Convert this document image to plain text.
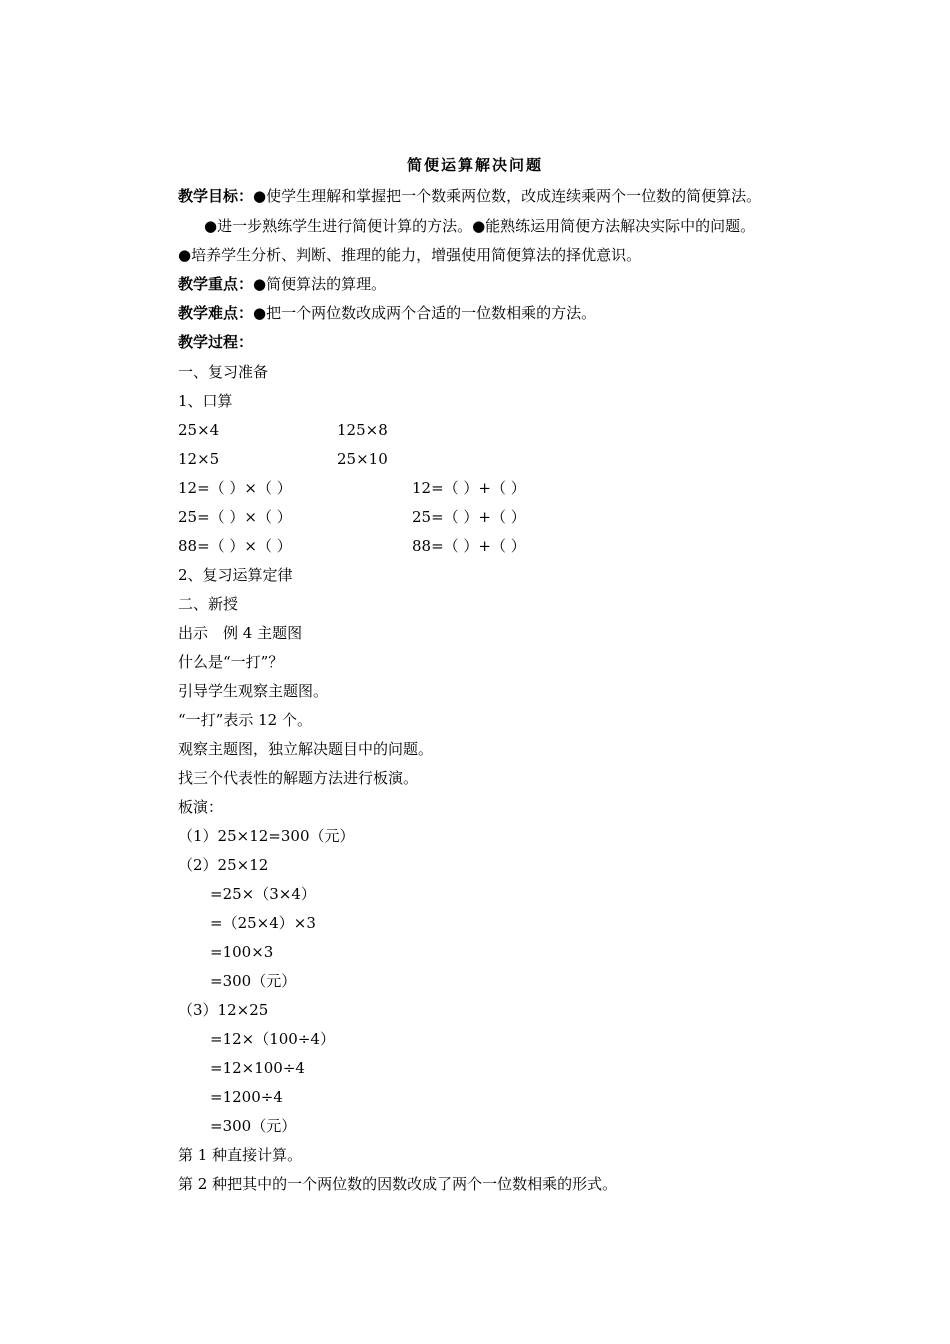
简便运算解决问题
教学目标：●使学生理解和掌握把一个数乘两位数，改成连续乘两个一位数的简便算法。
●进一步熟练学生进行简便计算的方法。●能熟练运用简便方法解决实际中的问题。
●培养学生分析、判断、推理的能力，增强使用简便算法的择优意识。
教学重点：●简便算法的算理。
教学难点：●把一个两位数改成两个合适的一位数相乘的方法。
教学过程：
一、复习准备
1、口算
25×4	125×8
12×5	25×10
12=（ ）×（ ）	12=（ ）+（ ）
25=（ ）×（ ）	25=（ ）+（ ）
88=（ ）×（ ）	88=（ ）+（ ）
2、复习运算定律
二、新授
出示　例 4 主题图
什么是“一打”？
引导学生观察主题图。
“一打”表示 12 个。
观察主题图，独立解决题目中的问题。
找三个代表性的解题方法进行板演。
板演：
（1）25×12=300（元）
（2）25×12
=25×（3×4）
=（25×4）×3
=100×3
=300（元）
（3）12×25
=12×（100÷4）
=12×100÷4
=1200÷4
=300（元）
第 1 种直接计算。
第 2 种把其中的一个两位数的因数改成了两个一位数相乘的形式。
